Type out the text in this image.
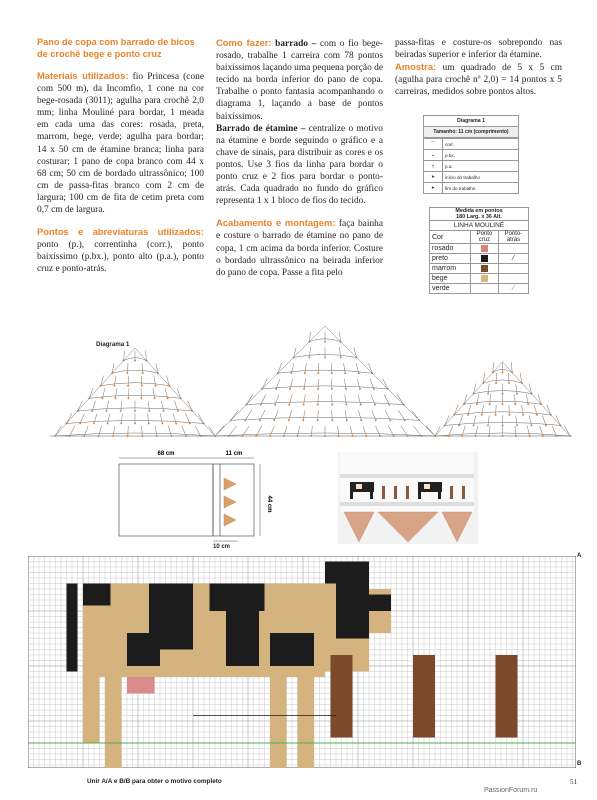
Pano de copa com barrado de bicos de crochê bege e ponto cruz

Materiais utilizados: fio Princesa (cone com 500 m), da Incomfio, 1 cone na cor bege-rosada (3011); agulha para crochê 2,0 mm; linha Mouliné para bordar, 1 meada em cada uma das cores: rosada, preta, marrom, bege, verde; agulha para bordar; 14 x 50 cm de étamine branca; linha para costurar; 1 pano de copa branco com 44 x 68 cm; 50 cm de bordado ultrassônico; 100 cm de passa-fitas branco com 2 cm de largura; 100 cm de fita de cetim preta com 0,7 cm de largura.

Pontos e abreviaturas utilizados: ponto (p.), correntinha (corr.), ponto baixíssimo (p.bx.), ponto alto (p.a.), ponto cruz e ponto-atrás.

Como fazer: barrado – com o fio bege-rosado, trabalhe 1 carreira com 78 pontos baixíssimos laçando uma pequena porção de tecido na borda inferior do pano de copa. Trabalhe o ponto fantasia acompanhando o diagrama 1, laçando a base de pontos baixíssimos.

Barrado de étamine – centralize o motivo na étamine e borde seguindo o gráfico e a chave de sinais, para distribuir as cores e os pontos. Use 3 fios da linha para bordar o ponto cruz e 2 fios para bordar o ponto-atrás. Cada quadrado no fundo do gráfico representa 1 x 1 bloco de fios do tecido.

Acabamento e montagem: faça bainha e costure o barrado de étamine no pano de copa, 1 cm acima da borda inferior. Costure o bordado ultrassônico na beirada inferior do pano de copa. Passe a fita pelo

passa-fitas e costure-os sobrepondo nas beiradas superior e inferior da étamine.

Amostra: um quadrado de 5 x 5 cm (agulha para crochê nº 2,0) = 14 pontos x 5 carreiras, medidos sobre pontos altos.

Diagrama 1
Tamanho: 11 cm (comprimento)
⌒	corr.
•	p.bx.
†	p.a.
➤	início do trabalho
➤	fim do trabalho
Medida em pontos
180 Larg. x 36 Alt.		
LINHA MOULINÉ		
Cor	Ponto cruz	Ponto-atrás
rosado		
preto		⁄
marrom		
bege		
verde		⁄
Diagrama 1
68 cm	11 cm
44 cm
10 cm
A
B
Unir A/A e B/B para obter o motivo completo	51
PassionForum.ru
